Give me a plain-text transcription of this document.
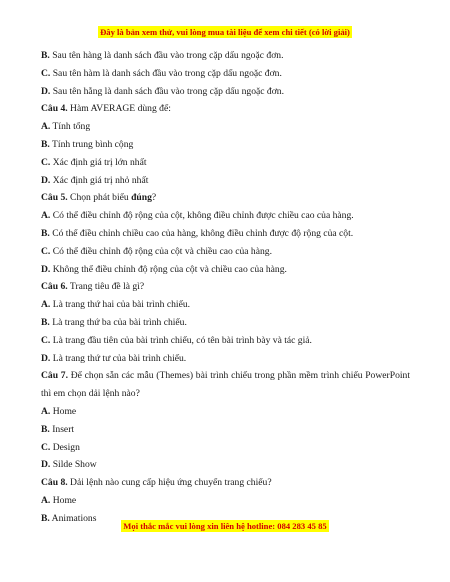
Đây là bản xem thử, vui lòng mua tài liệu để xem chi tiết (có lời giải)

B. Sau tên hàng là danh sách đầu vào trong cặp dấu ngoặc đơn.

C. Sau tên hàm là danh sách đầu vào trong cặp dấu ngoặc đơn.

D. Sau tên hằng là danh sách đầu vào trong cặp dấu ngoặc đơn.

Câu 4. Hàm AVERAGE dùng để:

A. Tính tổng

B. Tính trung bình cộng

C. Xác định giá trị lớn nhất

D. Xác định giá trị nhỏ nhất

Câu 5. Chọn phát biểu đúng?

A. Có thể điều chỉnh độ rộng của cột, không điều chỉnh được chiều cao của hàng.

B. Có thể điều chỉnh chiều cao của hàng, không điều chỉnh được độ rộng của cột.

C. Có thể điều chỉnh độ rộng của cột và chiều cao của hàng.

D. Không thể điều chỉnh độ rộng của cột và chiều cao của hàng.

Câu 6. Trang tiêu đề là gì?

A. Là trang thứ hai của bài trình chiếu.

B. Là trang thứ ba của bài trình chiếu.

C. Là trang đầu tiên của bài trình chiếu, có tên bài trình bày và tác giả.

D. Là trang thứ tư của bài trình chiếu.

Câu 7. Để chọn sẵn các mẫu (Themes) bài trình chiếu trong phần mềm trình chiếu PowerPoint thì em chọn dải lệnh nào?

A. Home

B. Insert

C. Design

D. Silde Show

Câu 8. Dải lệnh nào cung cấp hiệu ứng chuyển trang chiếu?

A. Home

B. Animations

Mọi thắc mắc vui lòng xin liên hệ hotline: 084 283 45 85
